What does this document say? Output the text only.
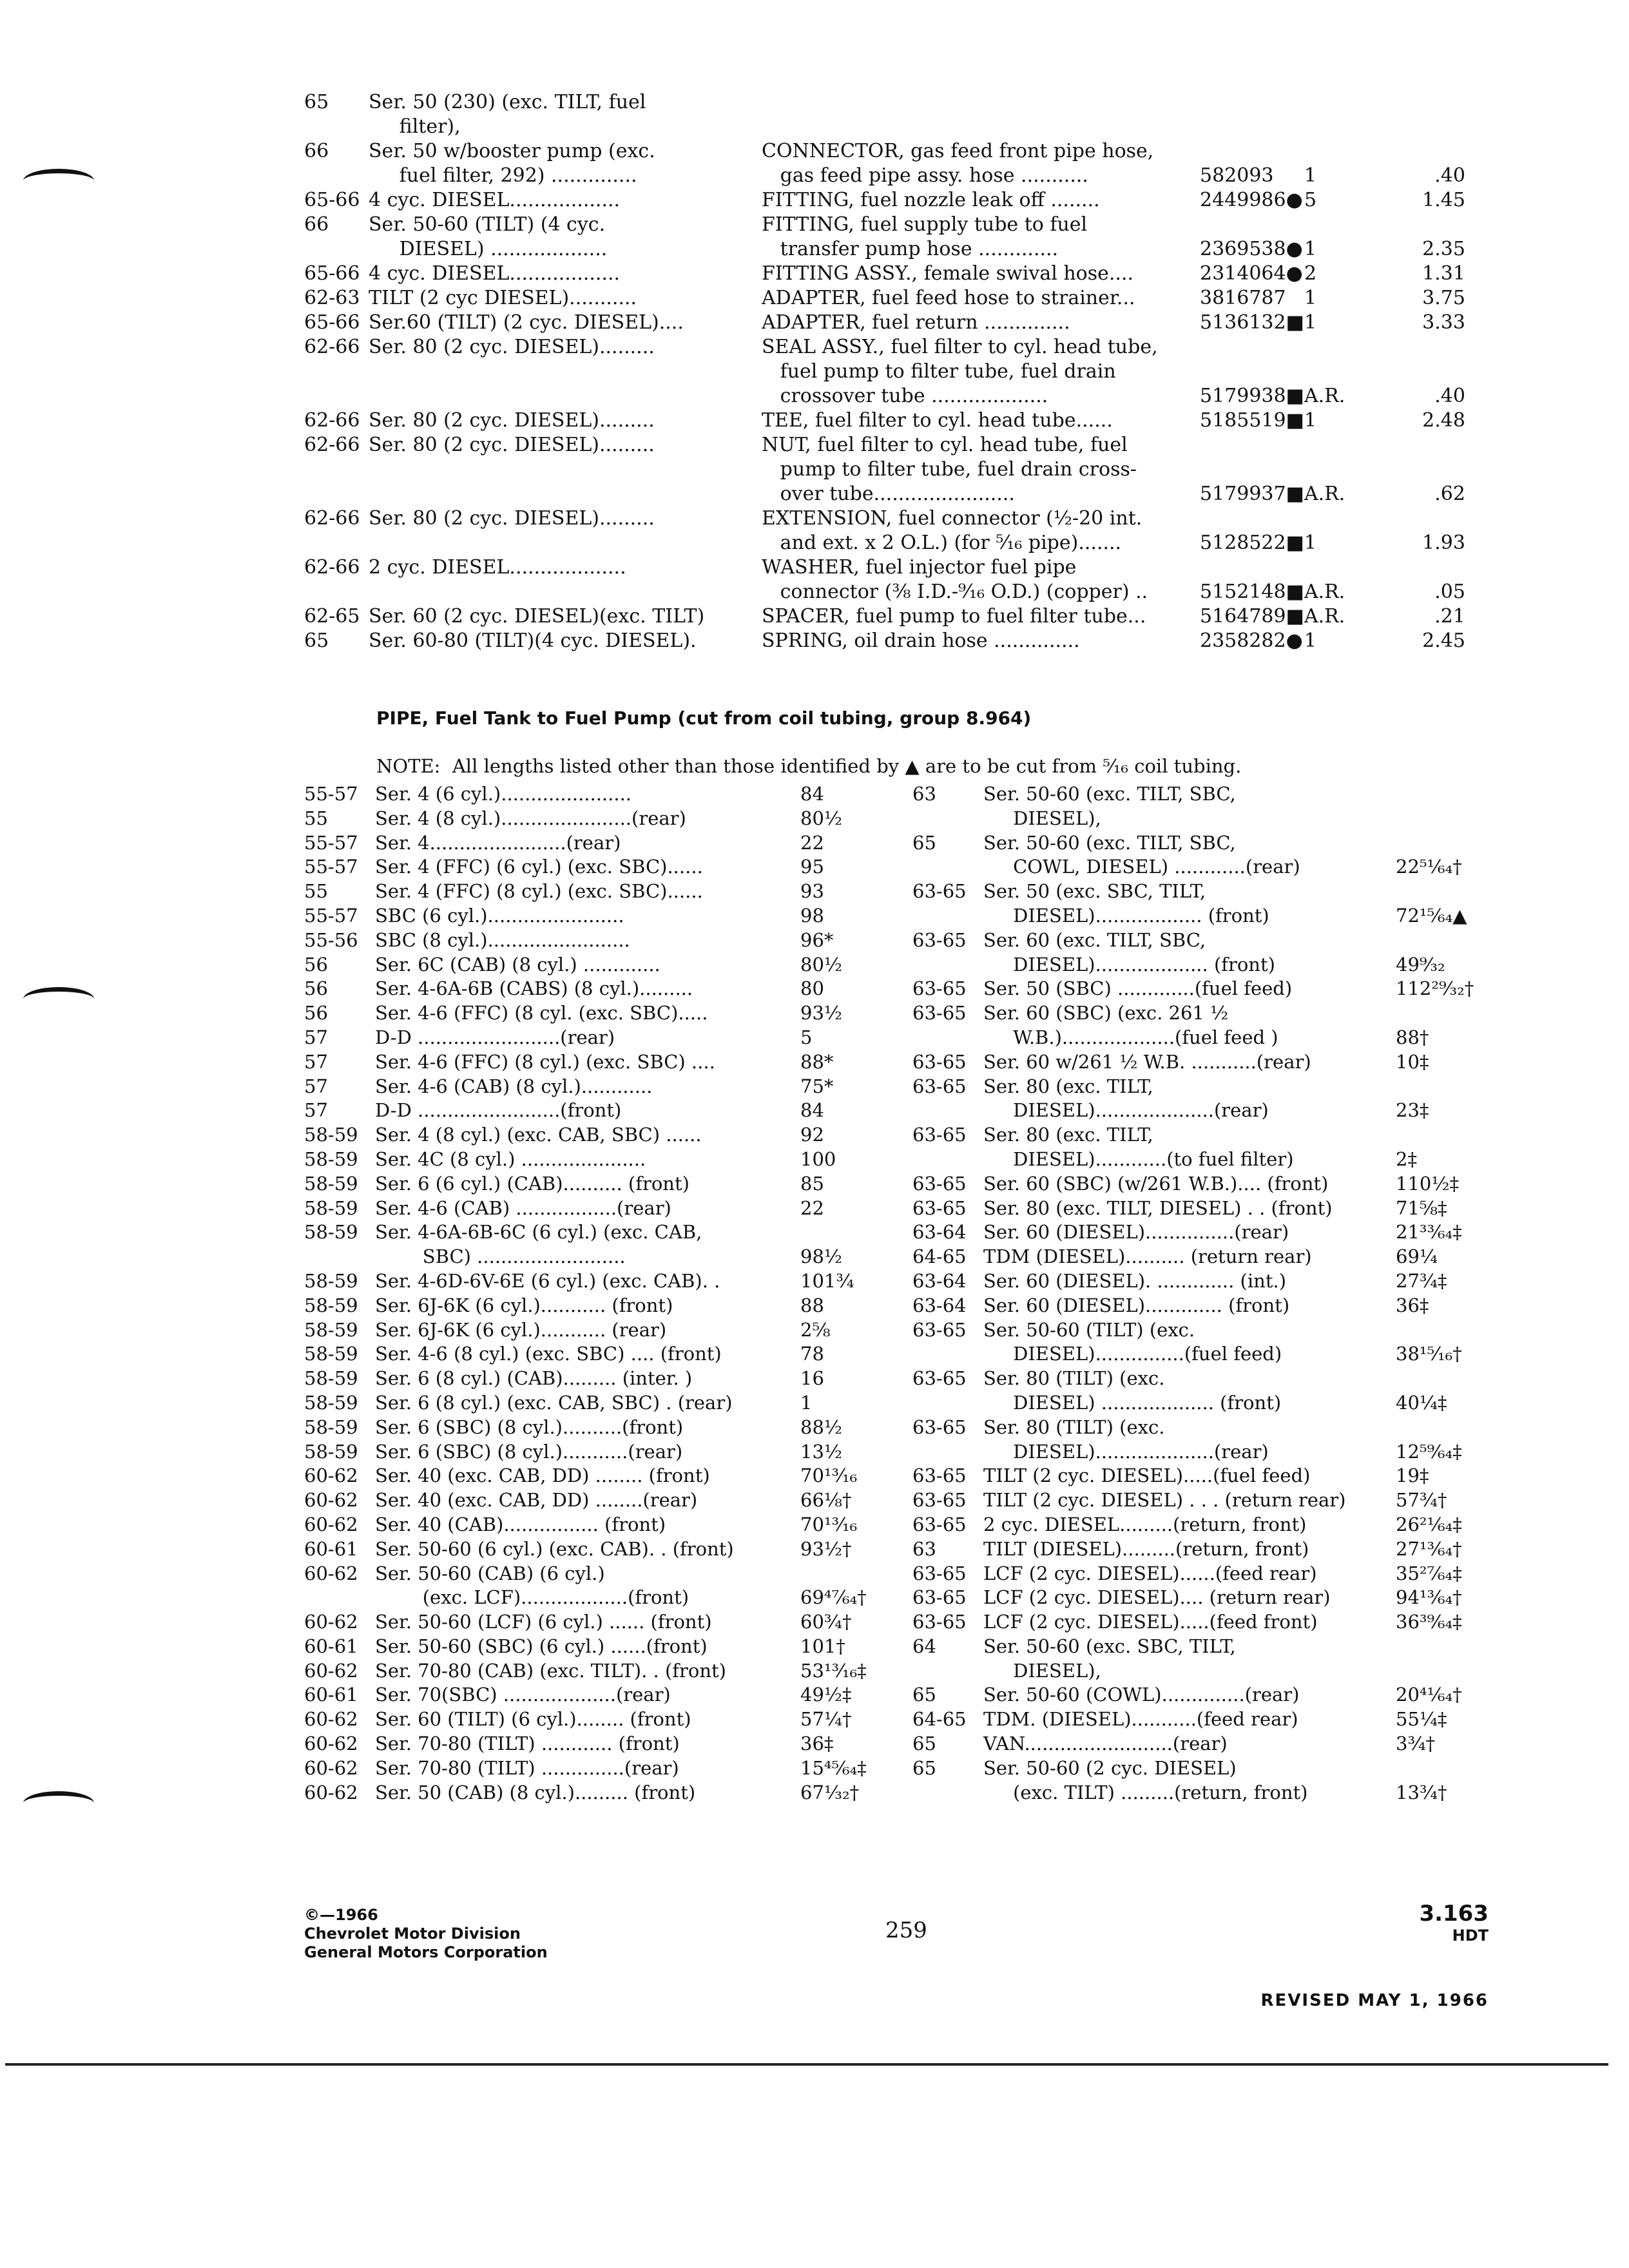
65	Ser. 50 (230) (exc. TILT, fuel				
	filter),				
66	Ser. 50 w/booster pump (exc.	CONNECTOR, gas feed front pipe hose,			
	fuel filter, 292) ..............	gas feed pipe assy. hose ...........	582093	1	.40
65-66	4 cyc. DIESEL..................	FITTING, fuel nozzle leak off ........	2449986●	5	1.45
66	Ser. 50-60 (TILT) (4 cyc.	FITTING, fuel supply tube to fuel			
	DIESEL) ...................	transfer pump hose .............	2369538●	1	2.35
65-66	4 cyc. DIESEL..................	FITTING ASSY., female swival hose....	2314064●	2	1.31
62-63	TILT (2 cyc DIESEL)...........	ADAPTER, fuel feed hose to strainer...	3816787	1	3.75
65-66	Ser.60 (TILT) (2 cyc. DIESEL)....	ADAPTER, fuel return ..............	5136132■	1	3.33
62-66	Ser. 80 (2 cyc. DIESEL).........	SEAL ASSY., fuel filter to cyl. head tube,			
		fuel pump to filter tube, fuel drain			
		crossover tube ...................	5179938■	A.R.	.40

62-66	Ser. 80 (2 cyc. DIESEL).........	TEE, fuel filter to cyl. head tube......	5185519■	1	2.48
62-66	Ser. 80 (2 cyc. DIESEL).........	NUT, fuel filter to cyl. head tube, fuel			
		pump to filter tube, fuel drain cross-			
		over tube.......................	5179937■	A.R.	.62

62-66	Ser. 80 (2 cyc. DIESEL).........	EXTENSION, fuel connector (½-20 int.			
		and ext. x 2 O.L.) (for ⁵⁄₁₆ pipe).......	5128522■	1	1.93
62-66	2 cyc. DIESEL...................	WASHER, fuel injector fuel pipe			
		connector (⅜ I.D.-⁹⁄₁₆ O.D.) (copper) ..	5152148■	A.R.	.05
62-65	Ser. 60 (2 cyc. DIESEL)(exc. TILT)	SPACER, fuel pump to fuel filter tube...	5164789■	A.R.	.21
65	Ser. 60-80 (TILT)(4 cyc. DIESEL).	SPRING, oil drain hose ..............	2358282●	1	2.45
PIPE, Fuel Tank to Fuel Pump (cut from coil tubing, group 8.964)
NOTE:  All lengths listed other than those identified by ▲ are to be cut from ⁵⁄₁₆ coil tubing.
55-57	Ser. 4 (6 cyl.)......................	84
55	Ser. 4 (8 cyl.)......................(rear)	80½
55-57	Ser. 4.......................(rear)	22
55-57	Ser. 4 (FFC) (6 cyl.) (exc. SBC)......	95
55	Ser. 4 (FFC) (8 cyl.) (exc. SBC)......	93
55-57	SBC (6 cyl.).......................	98
55-56	SBC (8 cyl.)........................	96*
56	Ser. 6C (CAB) (8 cyl.) .............	80½
56	Ser. 4-6A-6B (CABS) (8 cyl.).........	80
56	Ser. 4-6 (FFC) (8 cyl. (exc. SBC).....	93½
57	D-D ........................(rear)	5
57	Ser. 4-6 (FFC) (8 cyl.) (exc. SBC) ....	88*
57	Ser. 4-6 (CAB) (8 cyl.)............	75*
57	D-D ........................(front)	84
58-59	Ser. 4 (8 cyl.) (exc. CAB, SBC) ......	92
58-59	Ser. 4C (8 cyl.) .....................	100
58-59	Ser. 6 (6 cyl.) (CAB).......... (front)	85
58-59	Ser. 4-6 (CAB) .................(rear)	22
58-59	Ser. 4-6A-6B-6C (6 cyl.) (exc. CAB,	
	SBC) .........................	98½
58-59	Ser. 4-6D-6V-6E (6 cyl.) (exc. CAB). .	101¾
58-59	Ser. 6J-6K (6 cyl.)........... (front)	88
58-59	Ser. 6J-6K (6 cyl.)........... (rear)	2⅝
58-59	Ser. 4-6 (8 cyl.) (exc. SBC) .... (front)	78
58-59	Ser. 6 (8 cyl.) (CAB)......... (inter. )	16
58-59	Ser. 6 (8 cyl.) (exc. CAB, SBC) . (rear)	1
58-59	Ser. 6 (SBC) (8 cyl.)..........(front)	88½
58-59	Ser. 6 (SBC) (8 cyl.)...........(rear)	13½
60-62	Ser. 40 (exc. CAB, DD) ........ (front)	70¹³⁄₁₆
60-62	Ser. 40 (exc. CAB, DD) ........(rear)	66⅛†
60-62	Ser. 40 (CAB)................ (front)	70¹³⁄₁₆
60-61	Ser. 50-60 (6 cyl.) (exc. CAB). . (front)	93½†
60-62	Ser. 50-60 (CAB) (6 cyl.)	
	(exc. LCF)..................(front)	69⁴⁷⁄₆₄†
60-62	Ser. 50-60 (LCF) (6 cyl.) ...... (front)	60¾†
60-61	Ser. 50-60 (SBC) (6 cyl.) ......(front)	101†
60-62	Ser. 70-80 (CAB) (exc. TILT). . (front)	53¹³⁄₁₆‡
60-61	Ser. 70(SBC) ...................(rear)	49½‡
60-62	Ser. 60 (TILT) (6 cyl.)........ (front)	57¼†
60-62	Ser. 70-80 (TILT) ............ (front)	36‡
60-62	Ser. 70-80 (TILT) ..............(rear)	15⁴⁵⁄₆₄‡
60-62	Ser. 50 (CAB) (8 cyl.)......... (front)	67¹⁄₃₂†
63	Ser. 50-60 (exc. TILT, SBC,	
	DIESEL),	
65	Ser. 50-60 (exc. TILT, SBC,	
	COWL, DIESEL) ............(rear)	22⁵¹⁄₆₄†
63-65	Ser. 50 (exc. SBC, TILT,	
	DIESEL).................. (front)	72¹⁵⁄₆₄▲
63-65	Ser. 60 (exc. TILT, SBC,	
	DIESEL)................... (front)	49⁹⁄₃₂
63-65	Ser. 50 (SBC) .............(fuel feed)	112²⁹⁄₃₂†
63-65	Ser. 60 (SBC) (exc. 261 ½	
	W.B.)...................(fuel feed )	88†
63-65	Ser. 60 w/261 ½ W.B. ...........(rear)	10‡
63-65	Ser. 80 (exc. TILT,	
	DIESEL)....................(rear)	23‡
63-65	Ser. 80 (exc. TILT,	
	DIESEL)............(to fuel filter)	2‡
63-65	Ser. 60 (SBC) (w/261 W.B.).... (front)	110½‡
63-65	Ser. 80 (exc. TILT, DIESEL) . . (front)	71⅝‡
63-64	Ser. 60 (DIESEL)...............(rear)	21³³⁄₆₄‡
64-65	TDM (DIESEL).......... (return rear)	69¼
63-64	Ser. 60 (DIESEL). ............. (int.)	27¾‡
63-64	Ser. 60 (DIESEL)............. (front)	36‡
63-65	Ser. 50-60 (TILT) (exc.	
	DIESEL)...............(fuel feed)	38¹⁵⁄₁₆†
63-65	Ser. 80 (TILT) (exc.	
	DIESEL) ................... (front)	40¼‡
63-65	Ser. 80 (TILT) (exc.	
	DIESEL)....................(rear)	12⁵⁹⁄₆₄‡
63-65	TILT (2 cyc. DIESEL).....(fuel feed)	19‡
63-65	TILT (2 cyc. DIESEL) . . . (return rear)	57¾†
63-65	2 cyc. DIESEL.........(return, front)	26²¹⁄₆₄‡
63	TILT (DIESEL).........(return, front)	27¹³⁄₆₄†
63-65	LCF (2 cyc. DIESEL)......(feed rear)	35²⁷⁄₆₄‡
63-65	LCF (2 cyc. DIESEL).... (return rear)	94¹³⁄₆₄†
63-65	LCF (2 cyc. DIESEL).....(feed front)	36³⁹⁄₆₄‡
64	Ser. 50-60 (exc. SBC, TILT,	
	DIESEL),	
65	Ser. 50-60 (COWL)..............(rear)	20⁴¹⁄₆₄†
64-65	TDM. (DIESEL)...........(feed rear)	55¼‡
65	VAN.........................(rear)	3¾†
65	Ser. 50-60 (2 cyc. DIESEL)	
	(exc. TILT) .........(return, front)	13¾†
©—1966
Chevrolet Motor Division
General Motors Corporation
259
3.163
HDT
REVISED MAY 1, 1966
